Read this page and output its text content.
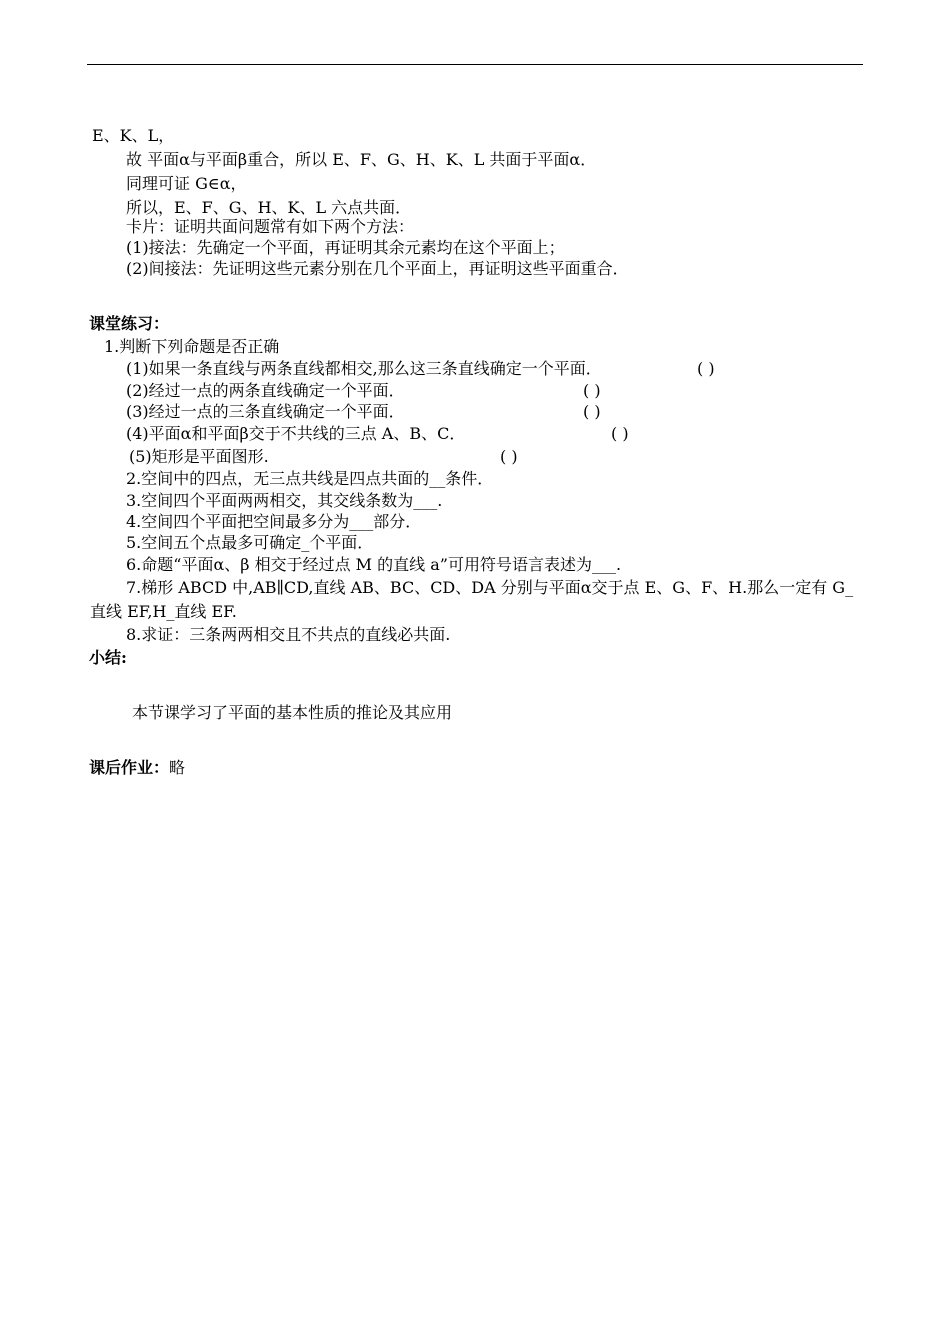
E、K、L，
故 平面α与平面β重合，所以 E、F、G、H、K、L 共面于平面α．
同理可证 G∈α，
所以，E、F、G、H、K、L 六点共面．
卡片：证明共面问题常有如下两个方法：
(1)接法：先确定一个平面，再证明其余元素均在这个平面上；
(2)间接法：先证明这些元素分别在几个平面上，再证明这些平面重合．
课堂练习：
1.判断下列命题是否正确
(1)如果一条直线与两条直线都相交,那么这三条直线确定一个平面．	( )
(2)经过一点的两条直线确定一个平面．	( )
(3)经过一点的三条直线确定一个平面．	( )
(4)平面α和平面β交于不共线的三点 A、B、C．	( )
(5)矩形是平面图形.	( )
2.空间中的四点，无三点共线是四点共面的__条件．
3.空间四个平面两两相交，其交线条数为___.
4.空间四个平面把空间最多分为___部分．
5.空间五个点最多可确定_个平面．
6.命题“平面α、β 相交于经过点 M 的直线 a”可用符号语言表述为___.
7.梯形 ABCD 中,AB∥CD,直线 AB、BC、CD、DA 分别与平面α交于点 E、G、F、H.那么一定有 G_直线 EF,H_直线 EF.
8.求证：三条两两相交且不共点的直线必共面.
小结:
本节课学习了平面的基本性质的推论及其应用
课后作业：略
